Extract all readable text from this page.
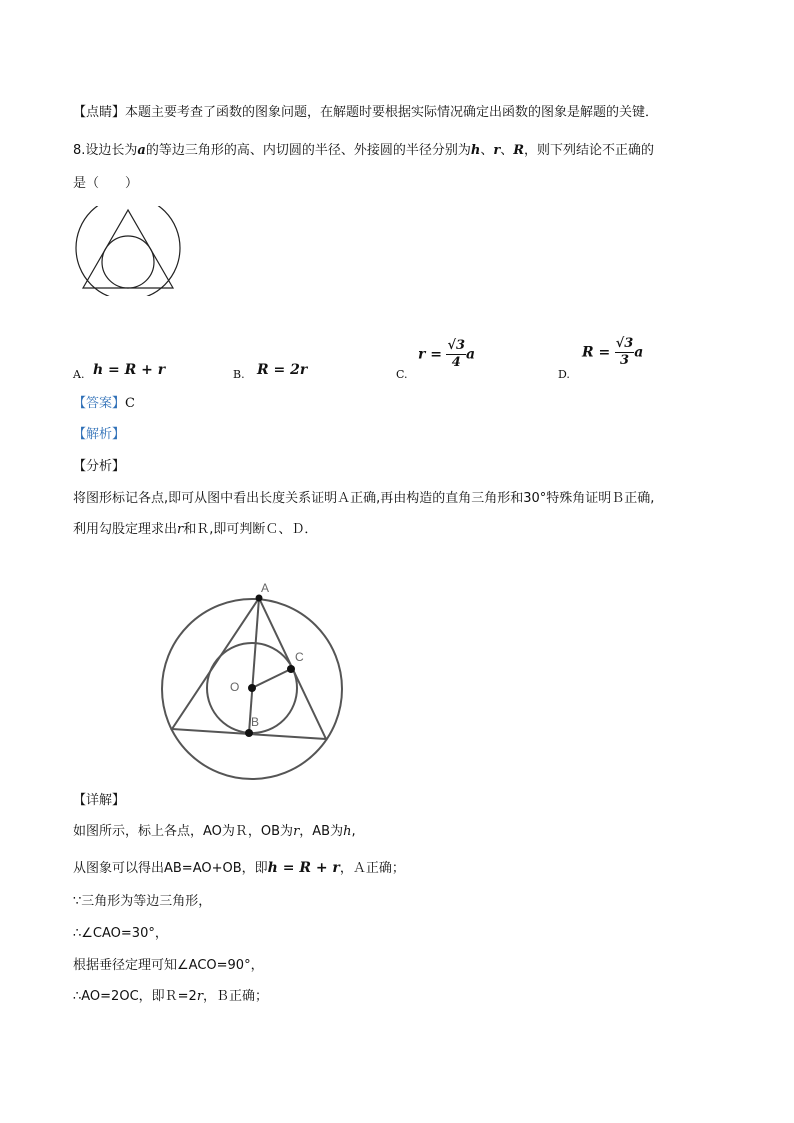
【点睛】本题主要考查了函数的图象问题，在解题时要根据实际情况确定出函数的图象是解题的关键．
8.设边长为a的等边三角形的高、内切圆的半径、外接圆的半径分别为h、r、R，则下列结论不正确的
是（　　）
A. h = R + r	B. R = 2r	C.
$r = \frac{√3}{4}$ a
D.
$R = \frac{√3}{3}$ a
【答案】C
【解析】
【分析】
将图形标记各点,即可从图中看出长度关系证明Ａ正确,再由构造的直角三角形和30°特殊角证明Ｂ正确,
利用勾股定理求出r和Ｒ,即可判断Ｃ、Ｄ．
A
O
C
B
【详解】
如图所示，标上各点，AO为Ｒ，OB为r，AB为h,
从图象可以得出AB=AO+OB，即h = R + r，Ａ正确；
∵三角形为等边三角形，
∴∠CAO=30°，
根据垂径定理可知∠ACO=90°，
∴AO=2OC，即Ｒ=2r，Ｂ正确；
